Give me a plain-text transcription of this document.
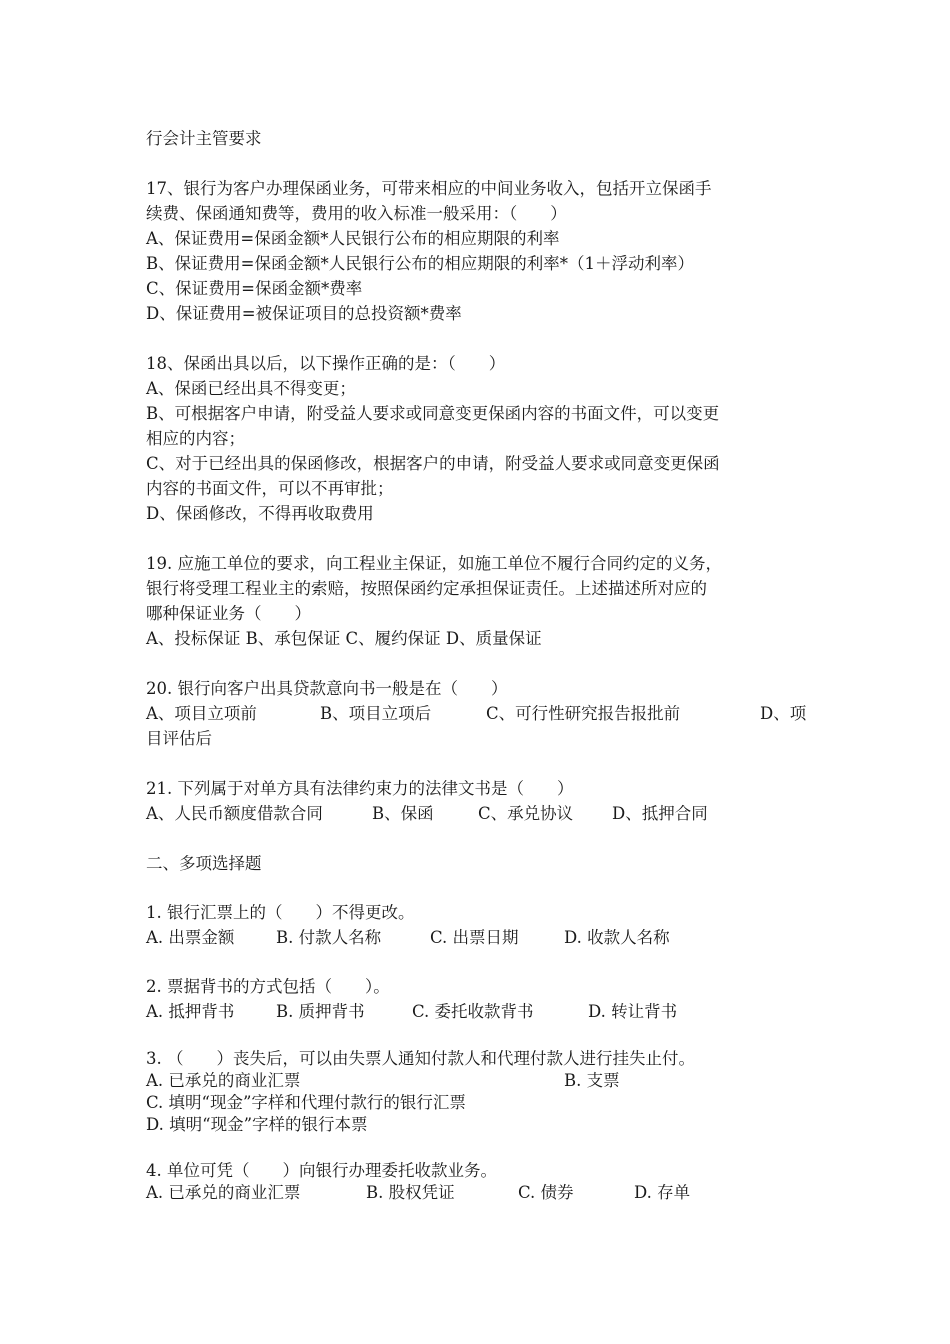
行会计主管要求
17、银行为客户办理保函业务，可带来相应的中间业务收入，包括开立保函手
续费、保函通知费等，费用的收入标准一般采用：（　　）
A、保证费用=保函金额*人民银行公布的相应期限的利率
B、保证费用=保函金额*人民银行公布的相应期限的利率*（1＋浮动利率）
C、保证费用=保函金额*费率
D、保证费用=被保证项目的总投资额*费率
18、保函出具以后，以下操作正确的是：（　　）
A、保函已经出具不得变更；
B、可根据客户申请，附受益人要求或同意变更保函内容的书面文件，可以变更
相应的内容；
C、对于已经出具的保函修改，根据客户的申请，附受益人要求或同意变更保函
内容的书面文件，可以不再审批；
D、保函修改，不得再收取费用
19. 应施工单位的要求，向工程业主保证，如施工单位不履行合同约定的义务，
银行将受理工程业主的索赔，按照保函约定承担保证责任。上述描述所对应的
哪种保证业务（　　）
A、投标保证 B、承包保证 C、履约保证 D、质量保证
20. 银行向客户出具贷款意向书一般是在（　　）
A、项目立项前	B、项目立项后	C、可行性研究报告报批前	D、项
目评估后
21. 下列属于对单方具有法律约束力的法律文书是（　　）
A、人民币额度借款合同	B、保函	C、承兑协议	D、抵押合同
二、多项选择题
1. 银行汇票上的（　　）不得更改。
A. 出票金额	B. 付款人名称	C. 出票日期	D. 收款人名称
2. 票据背书的方式包括（　　）。
A. 抵押背书	B. 质押背书	C. 委托收款背书	D. 转让背书
3. （　　）丧失后，可以由失票人通知付款人和代理付款人进行挂失止付。
A. 已承兑的商业汇票	B. 支票
C. 填明“现金”字样和代理付款行的银行汇票
D. 填明“现金”字样的银行本票
4. 单位可凭（　　）向银行办理委托收款业务。
A. 已承兑的商业汇票	B. 股权凭证	C. 债券	D. 存单
